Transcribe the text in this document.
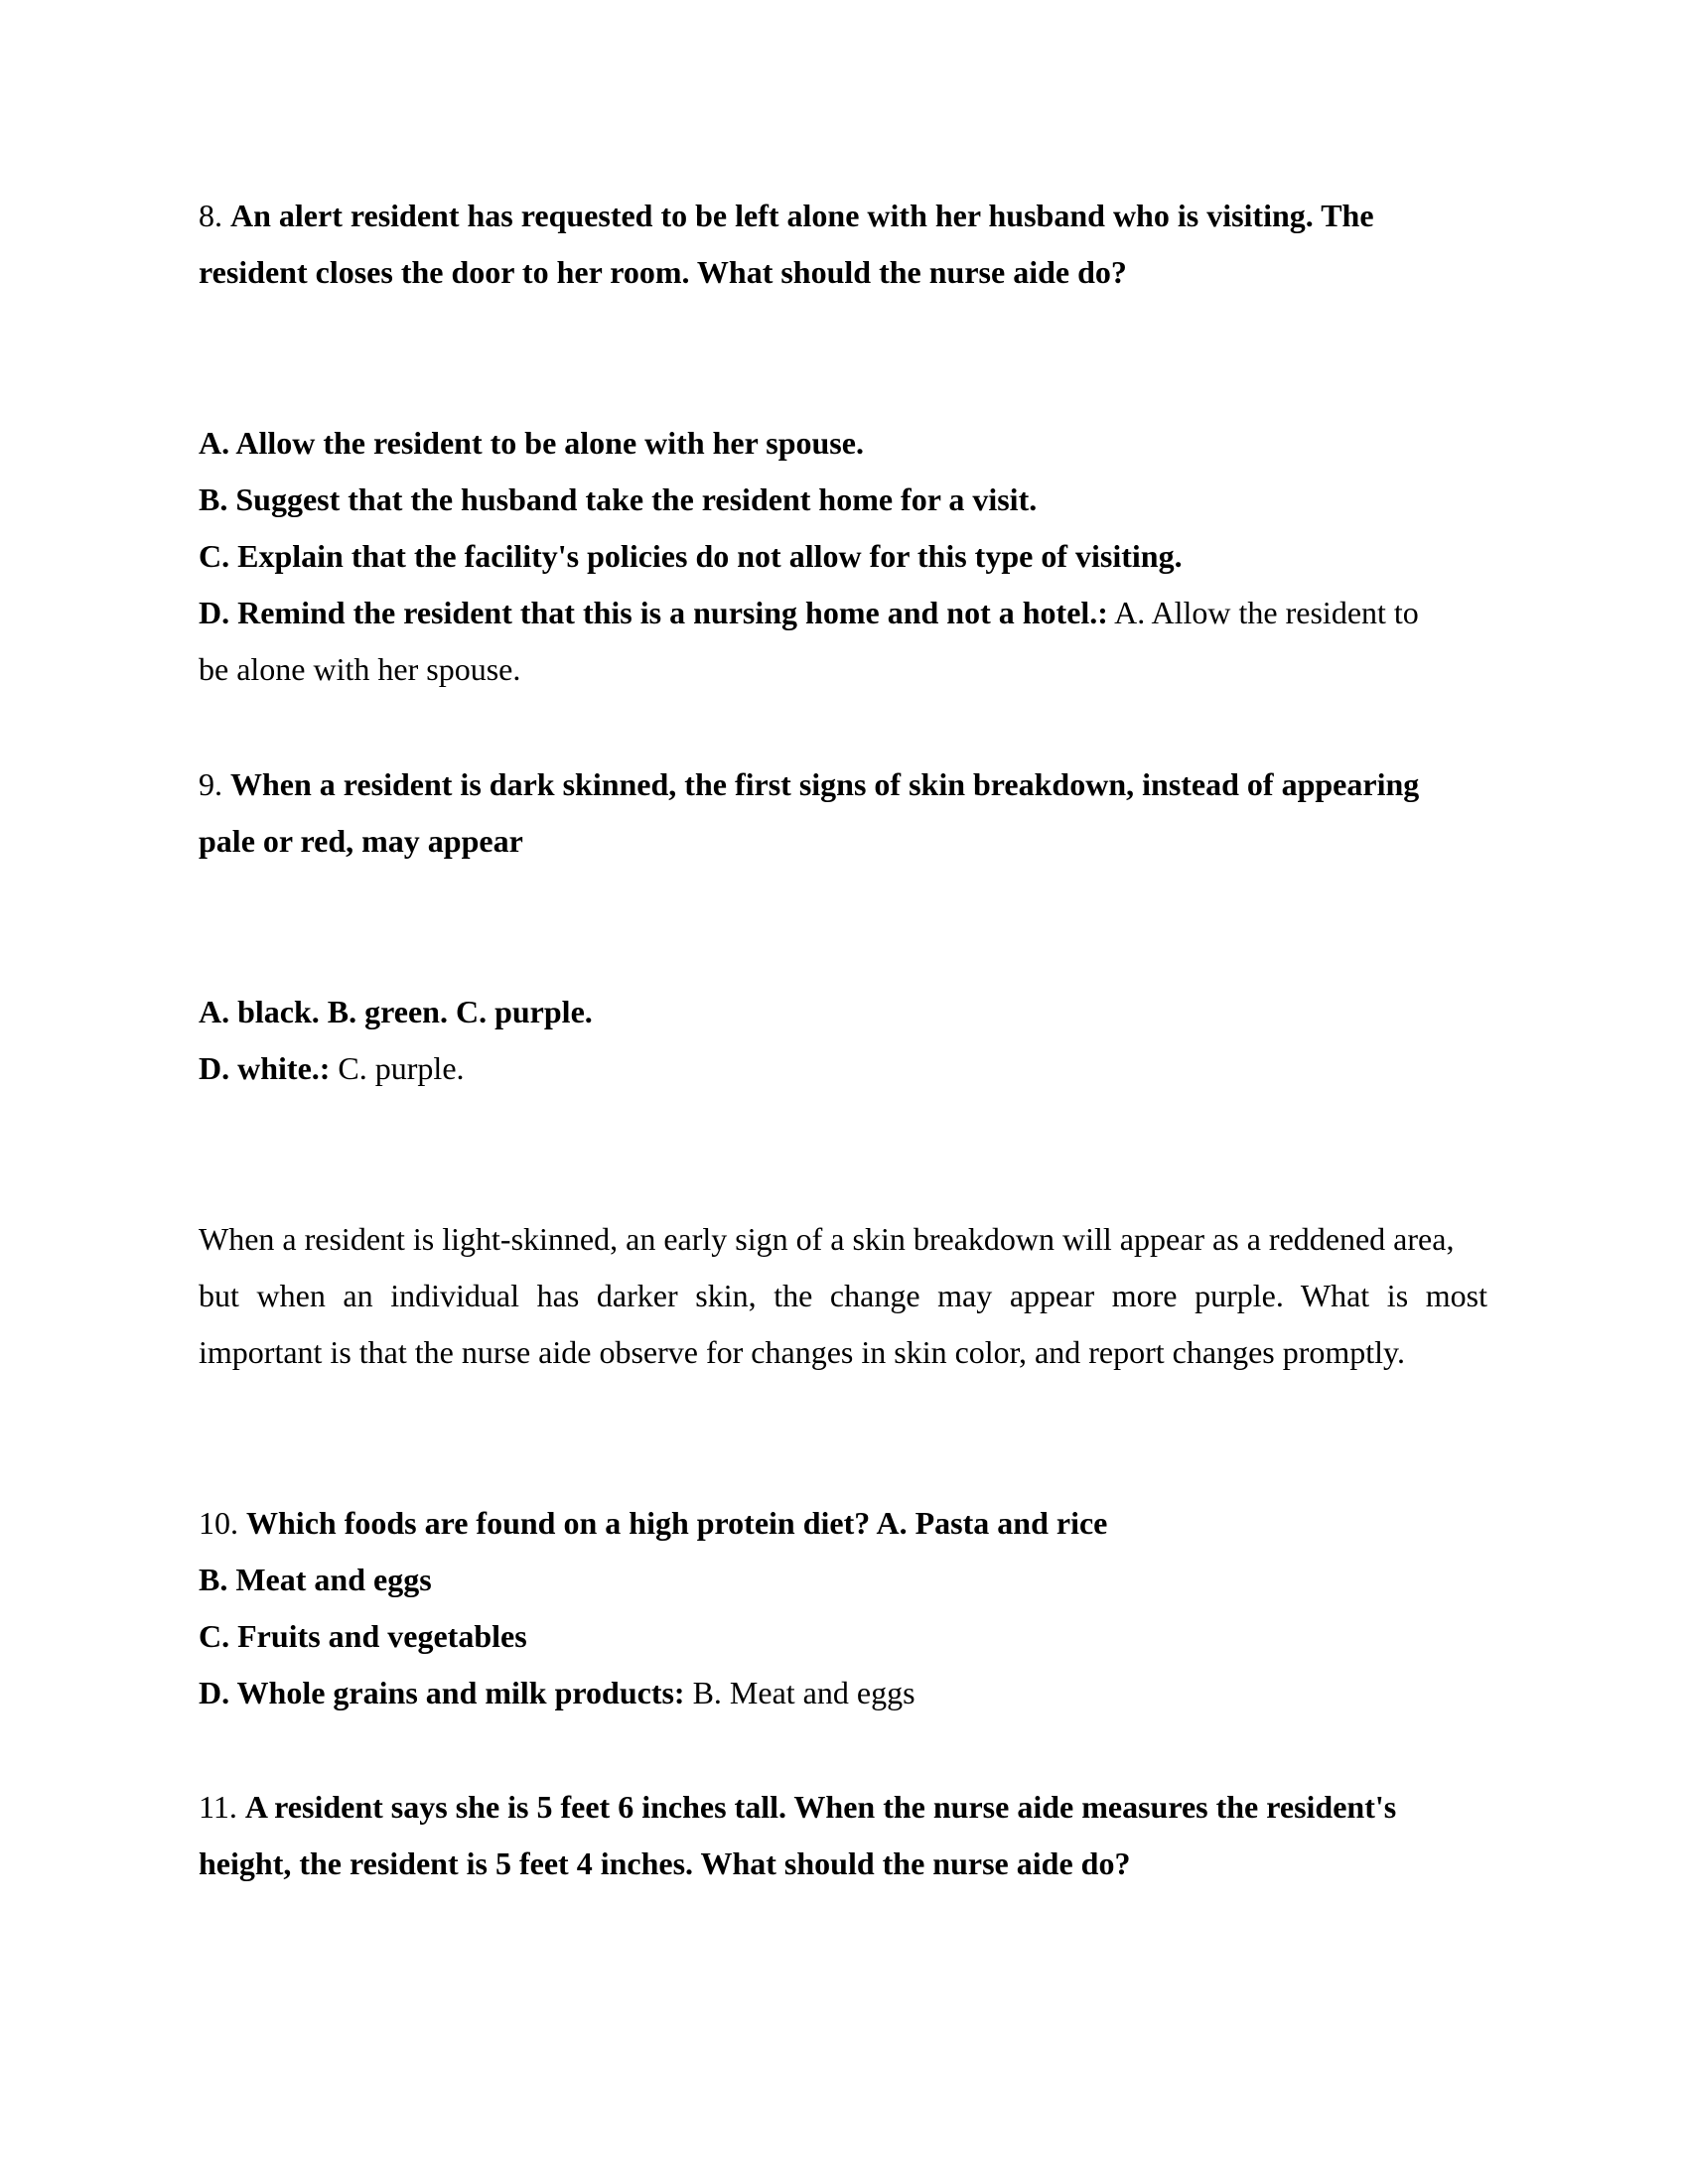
8. An alert resident has requested to be left alone with her husband who is visiting. The
resident closes the door to her room. What should the nurse aide do?
A. Allow the resident to be alone with her spouse.
B. Suggest that the husband take the resident home for a visit.
C. Explain that the facility's policies do not allow for this type of visiting.
D. Remind the resident that this is a nursing home and not a hotel.: A. Allow the resident to
be alone with her spouse.
9. When a resident is dark skinned, the first signs of skin breakdown, instead of appearing
pale or red, may appear
A. black. B. green. C. purple.
D. white.: C. purple.
When a resident is light-skinned, an early sign of a skin breakdown will appear as a reddened area,
but when an individual has darker skin, the change may appear more purple. What is most
important is that the nurse aide observe for changes in skin color, and report changes promptly.
10. Which foods are found on a high protein diet? A. Pasta and rice
B. Meat and eggs
C. Fruits and vegetables
D. Whole grains and milk products: B. Meat and eggs
11. A resident says she is 5 feet 6 inches tall. When the nurse aide measures the resident's
height, the resident is 5 feet 4 inches. What should the nurse aide do?
